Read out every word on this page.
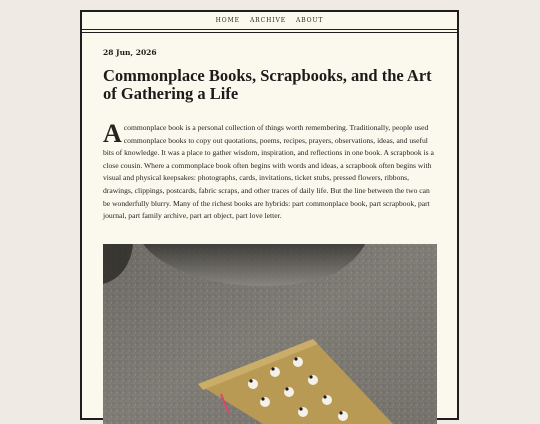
HOME ARCHIVE ABOUT
28 Jun, 2026
Commonplace Books, Scrapbooks, and the Art of Gathering a Life

A commonplace book is a personal collection of things worth remembering. Traditionally, people used commonplace books to copy out quotations, poems, recipes, prayers, observations, ideas, and useful bits of knowledge. It was a place to gather wisdom, inspiration, and reflections in one book. A scrapbook is a close cousin. Where a commonplace book often begins with words and ideas, a scrapbook often begins with visual and physical keepsakes: photographs, cards, invitations, ticket stubs, pressed flowers, ribbons, drawings, clippings, postcards, fabric scraps, and other traces of daily life. But the line between the two can be wonderfully blurry. Many of the richest books are hybrids: part commonplace book, part scrapbook, part journal, part family archive, part art object, part love letter.
